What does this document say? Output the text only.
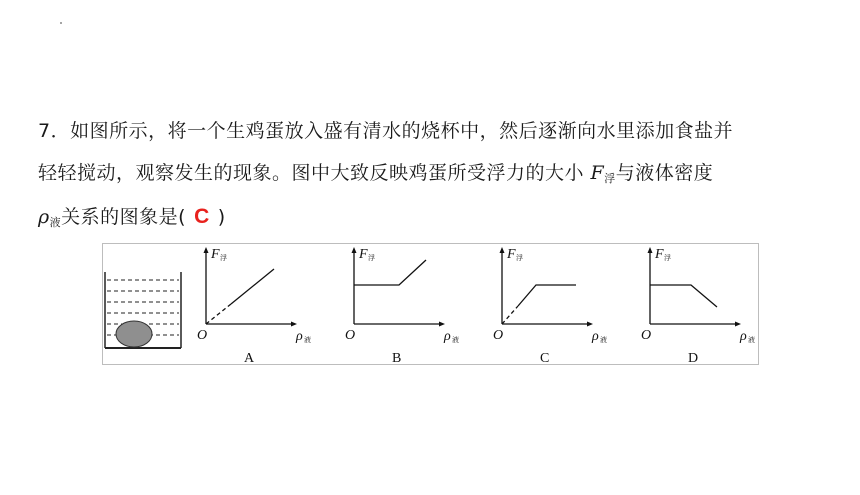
7．如图所示，将一个生鸡蛋放入盛有清水的烧杯中，然后逐渐向水里添加食盐并
轻轻搅动，观察发生的现象。图中大致反映鸡蛋所受浮力的大小 $F_浮$与液体密度
$\rho_液$关系的图象是( C )
F 浮
O	ρ 液
A
F 浮
O	ρ 液
B
F 浮
O	ρ 液
C
F 浮
O	ρ 液
D
